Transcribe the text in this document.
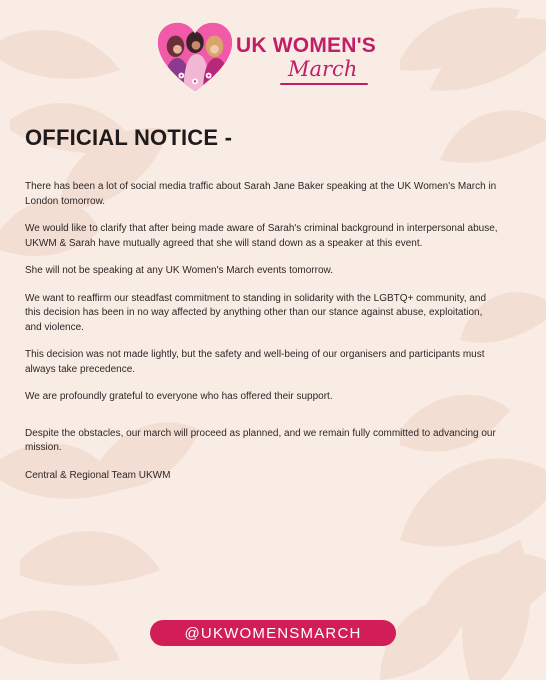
UK WOMEN'S
March
OFFICIAL NOTICE -

There has been a lot of social media traffic about Sarah Jane Baker speaking at the UK Women's March in London tomorrow.

We would like to clarify that after being made aware of Sarah's criminal background in interpersonal abuse, UKWM & Sarah have mutually agreed that she will stand down as a speaker at this event.

She will not be speaking at any UK Women's March events tomorrow.

We want to reaffirm our steadfast commitment to standing in solidarity with the LGBTQ+ community, and this decision has been in no way affected by anything other than our stance against abuse, exploitation, and violence.

This decision was not made lightly, but the safety and well-being of our organisers and participants must always take precedence.

We are profoundly grateful to everyone who has offered their support.

Despite the obstacles, our march will proceed as planned, and we remain fully committed to advancing our mission.

Central & Regional Team UKWM

@UKWOMENSMARCH
